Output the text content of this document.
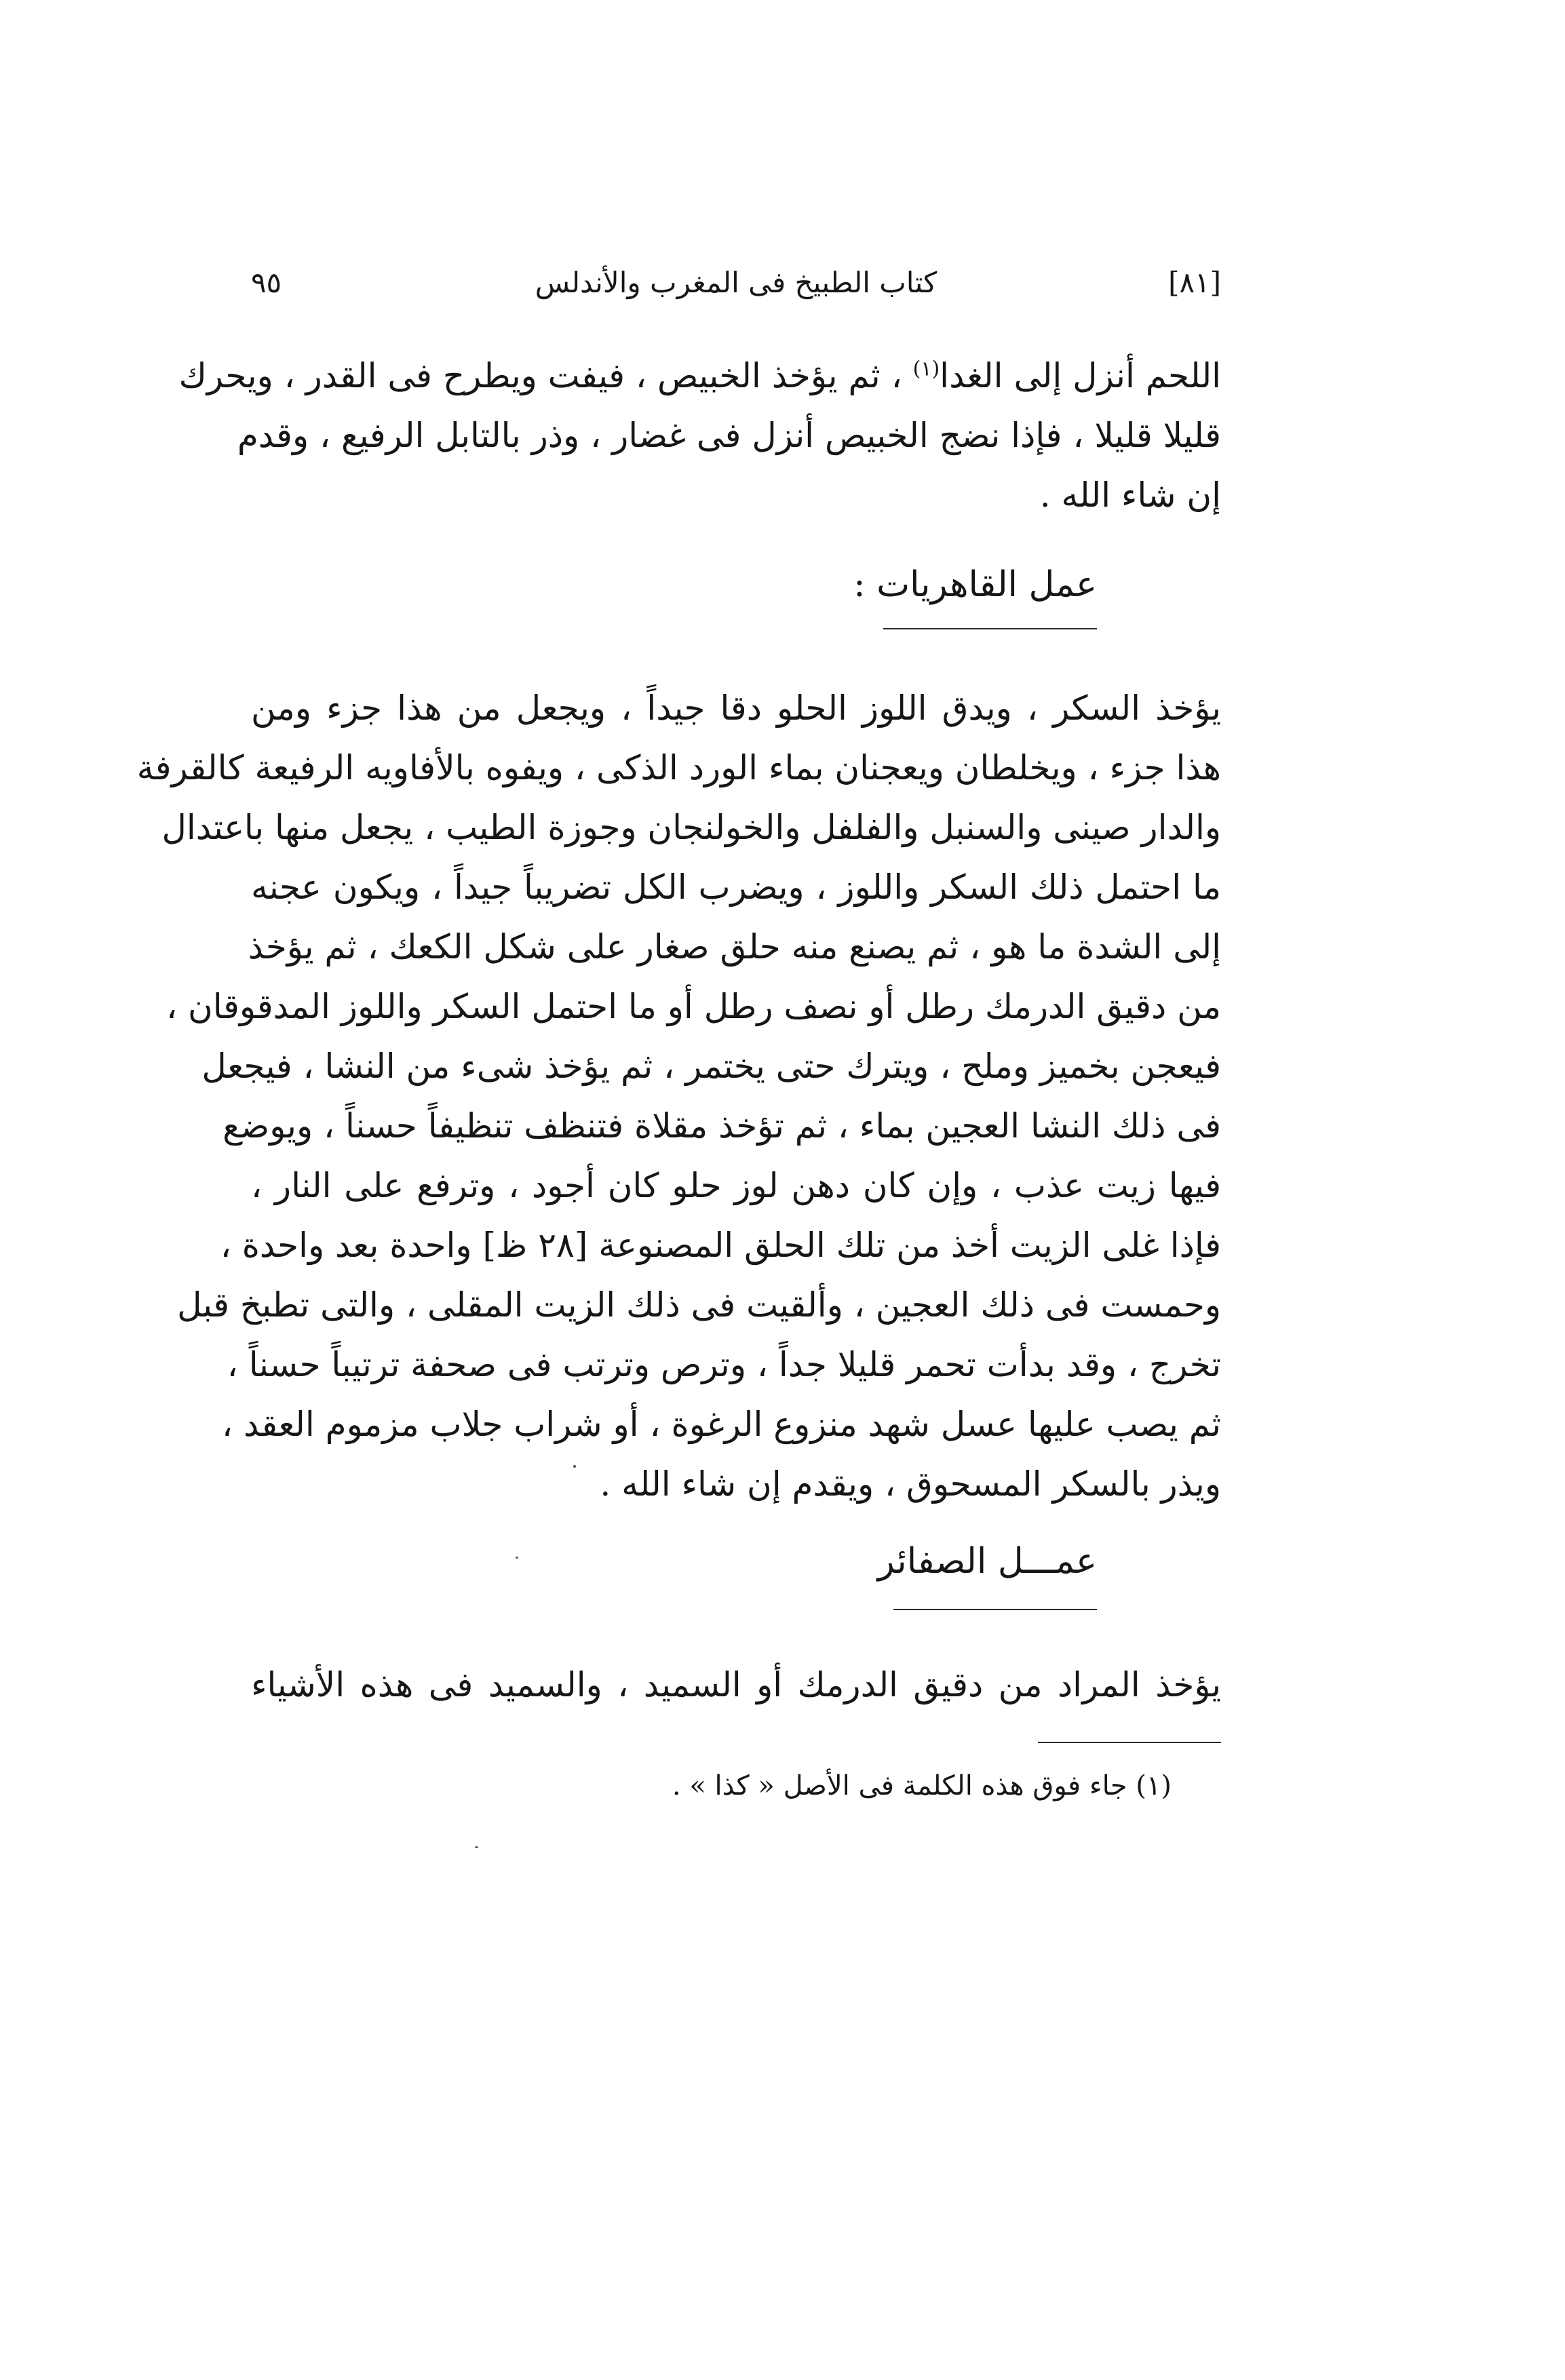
[٨١]
كتاب الطبيخ فى المغرب والأندلس
٩٥
اللحم أنزل إلى الغدا$^{(١)}$ ، ثم يؤخذ الخبيص ، فيفت ويطرح فى القدر ، ويحرك
قليلا قليلا ، فإذا نضج الخبيص أنزل فى غضار ، وذر بالتابل الرفيع ، وقدم
إن شاء الله .
عمل القاهريات :
يؤخذ السكر ، ويدق اللوز الحلو دقا جيداً ، ويجعل من هذا جزء ومن
هذا جزء ، ويخلطان ويعجنان بماء الورد الذكى ، ويفوه بالأفاويه الرفيعة كالقرفة
والدار صينى والسنبل والفلفل والخولنجان وجوزة الطيب ، يجعل منها باعتدال
ما احتمل ذلك السكر واللوز ، ويضرب الكل تضريباً جيداً ، ويكون عجنه
إلى الشدة ما هو ، ثم يصنع منه حلق صغار على شكل الكعك ، ثم يؤخذ
من دقيق الدرمك رطل أو نصف رطل أو ما احتمل السكر واللوز المدقوقان ،
فيعجن بخميز وملح ، ويترك حتى يختمر ، ثم يؤخذ شىء من النشا ، فيجعل
فى ذلك النشا العجين بماء ، ثم تؤخذ مقلاة فتنظف تنظيفاً حسناً ، ويوضع
فيها زيت عذب ، وإن كان دهن لوز حلو كان أجود ، وترفع على النار ،
فإذا غلى الزيت أخذ من تلك الحلق المصنوعة [٢٨ ظ] واحدة بعد واحدة ،
وحمست فى ذلك العجين ، وألقيت فى ذلك الزيت المقلى ، والتى تطبخ قبل
تخرج ، وقد بدأت تحمر قليلا جداً ، وترص وترتب فى صحفة ترتيباً حسناً ،
ثم يصب عليها عسل شهد منزوع الرغوة ، أو شراب جلاب مزموم العقد ،
ويذر بالسكر المسحوق ، ويقدم إن شاء الله .
عمـــل الصفائر
يؤخذ المراد من دقيق الدرمك أو السميد ، والسميد فى هذه الأشياء
(١) جاء فوق هذه الكلمة فى الأصل « كذا » .
